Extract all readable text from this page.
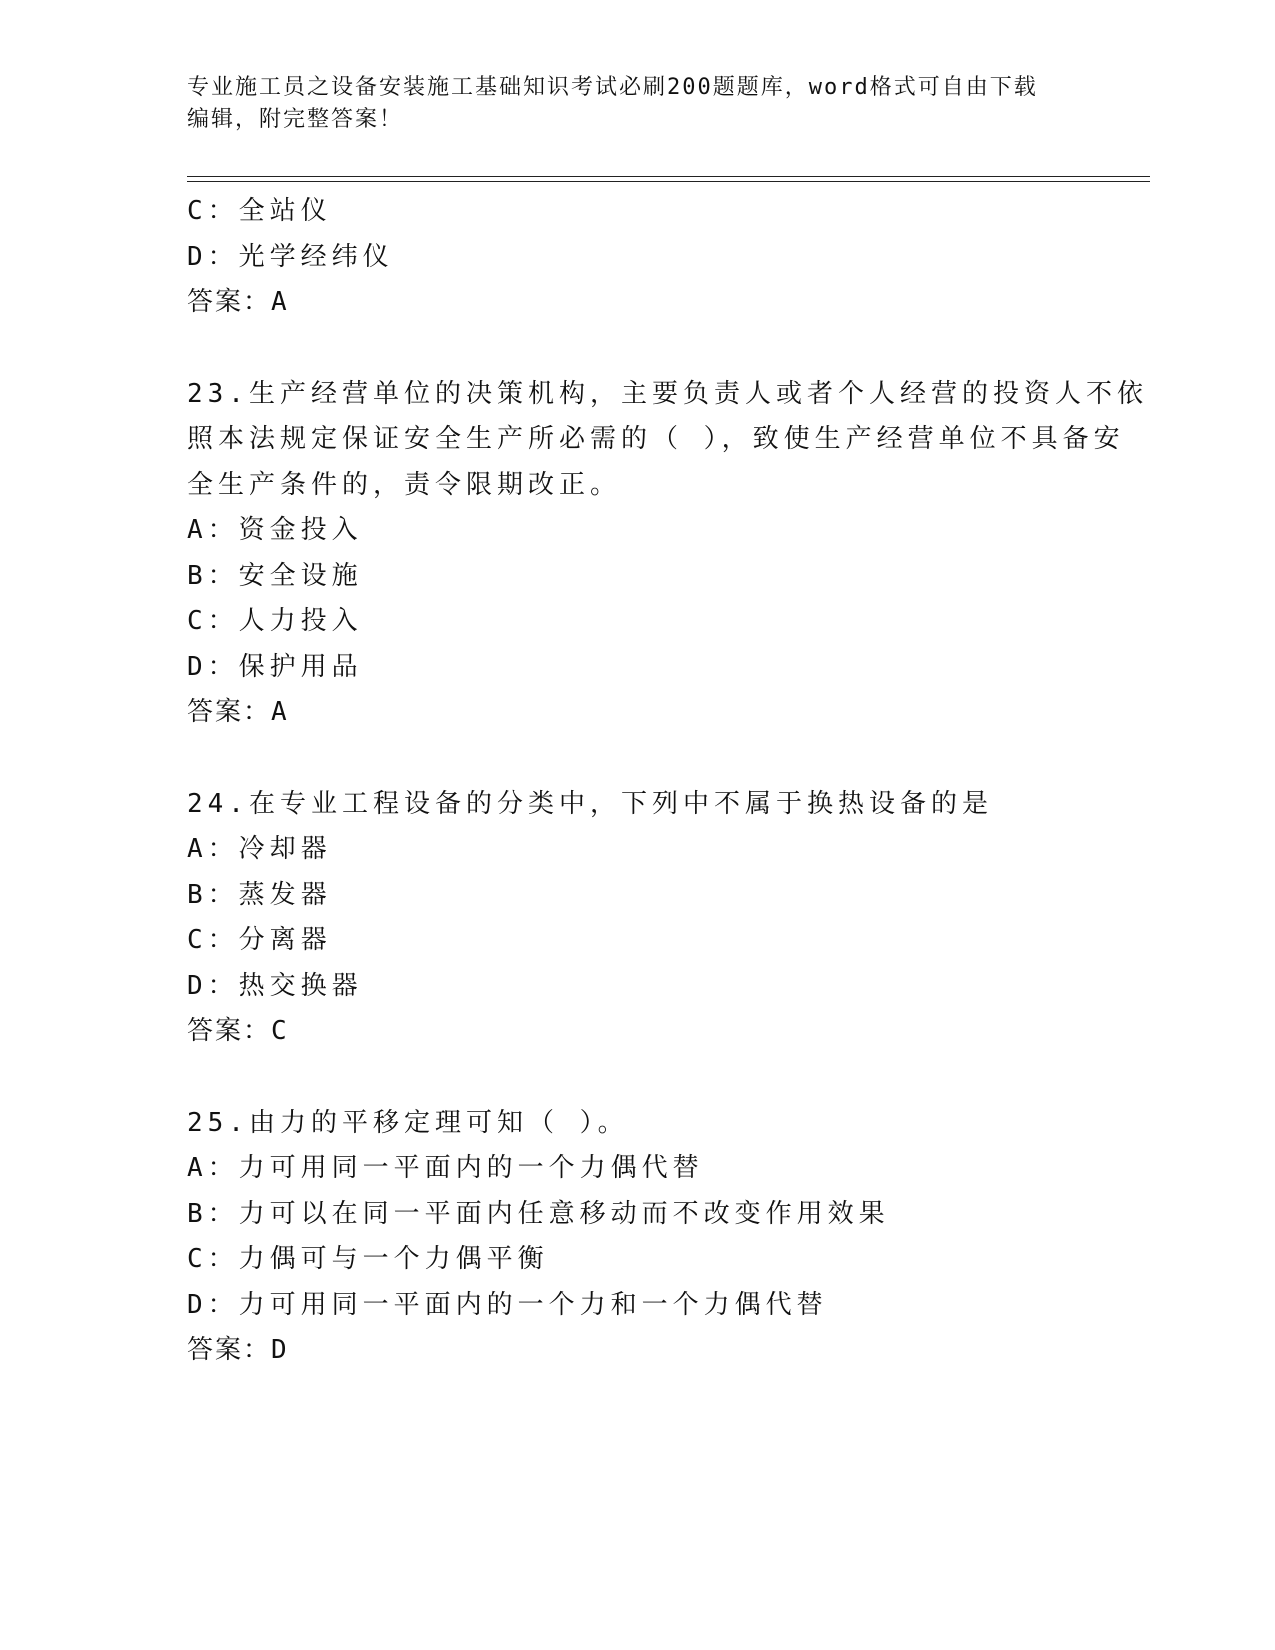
专业施工员之设备安装施工基础知识考试必刷200题题库，word格式可自由下载
编辑，附完整答案！
C：全站仪
D：光学经纬仪
答案：A
23.生产经营单位的决策机构，主要负责人或者个人经营的投资人不依
照本法规定保证安全生产所必需的（ ），致使生产经营单位不具备安
全生产条件的，责令限期改正。
A：资金投入
B：安全设施
C：人力投入
D：保护用品
答案：A
24.在专业工程设备的分类中，下列中不属于换热设备的是
A：冷却器
B：蒸发器
C：分离器
D：热交换器
答案：C
25.由力的平移定理可知（ ）。
A：力可用同一平面内的一个力偶代替
B：力可以在同一平面内任意移动而不改变作用效果
C：力偶可与一个力偶平衡
D：力可用同一平面内的一个力和一个力偶代替
答案：D
